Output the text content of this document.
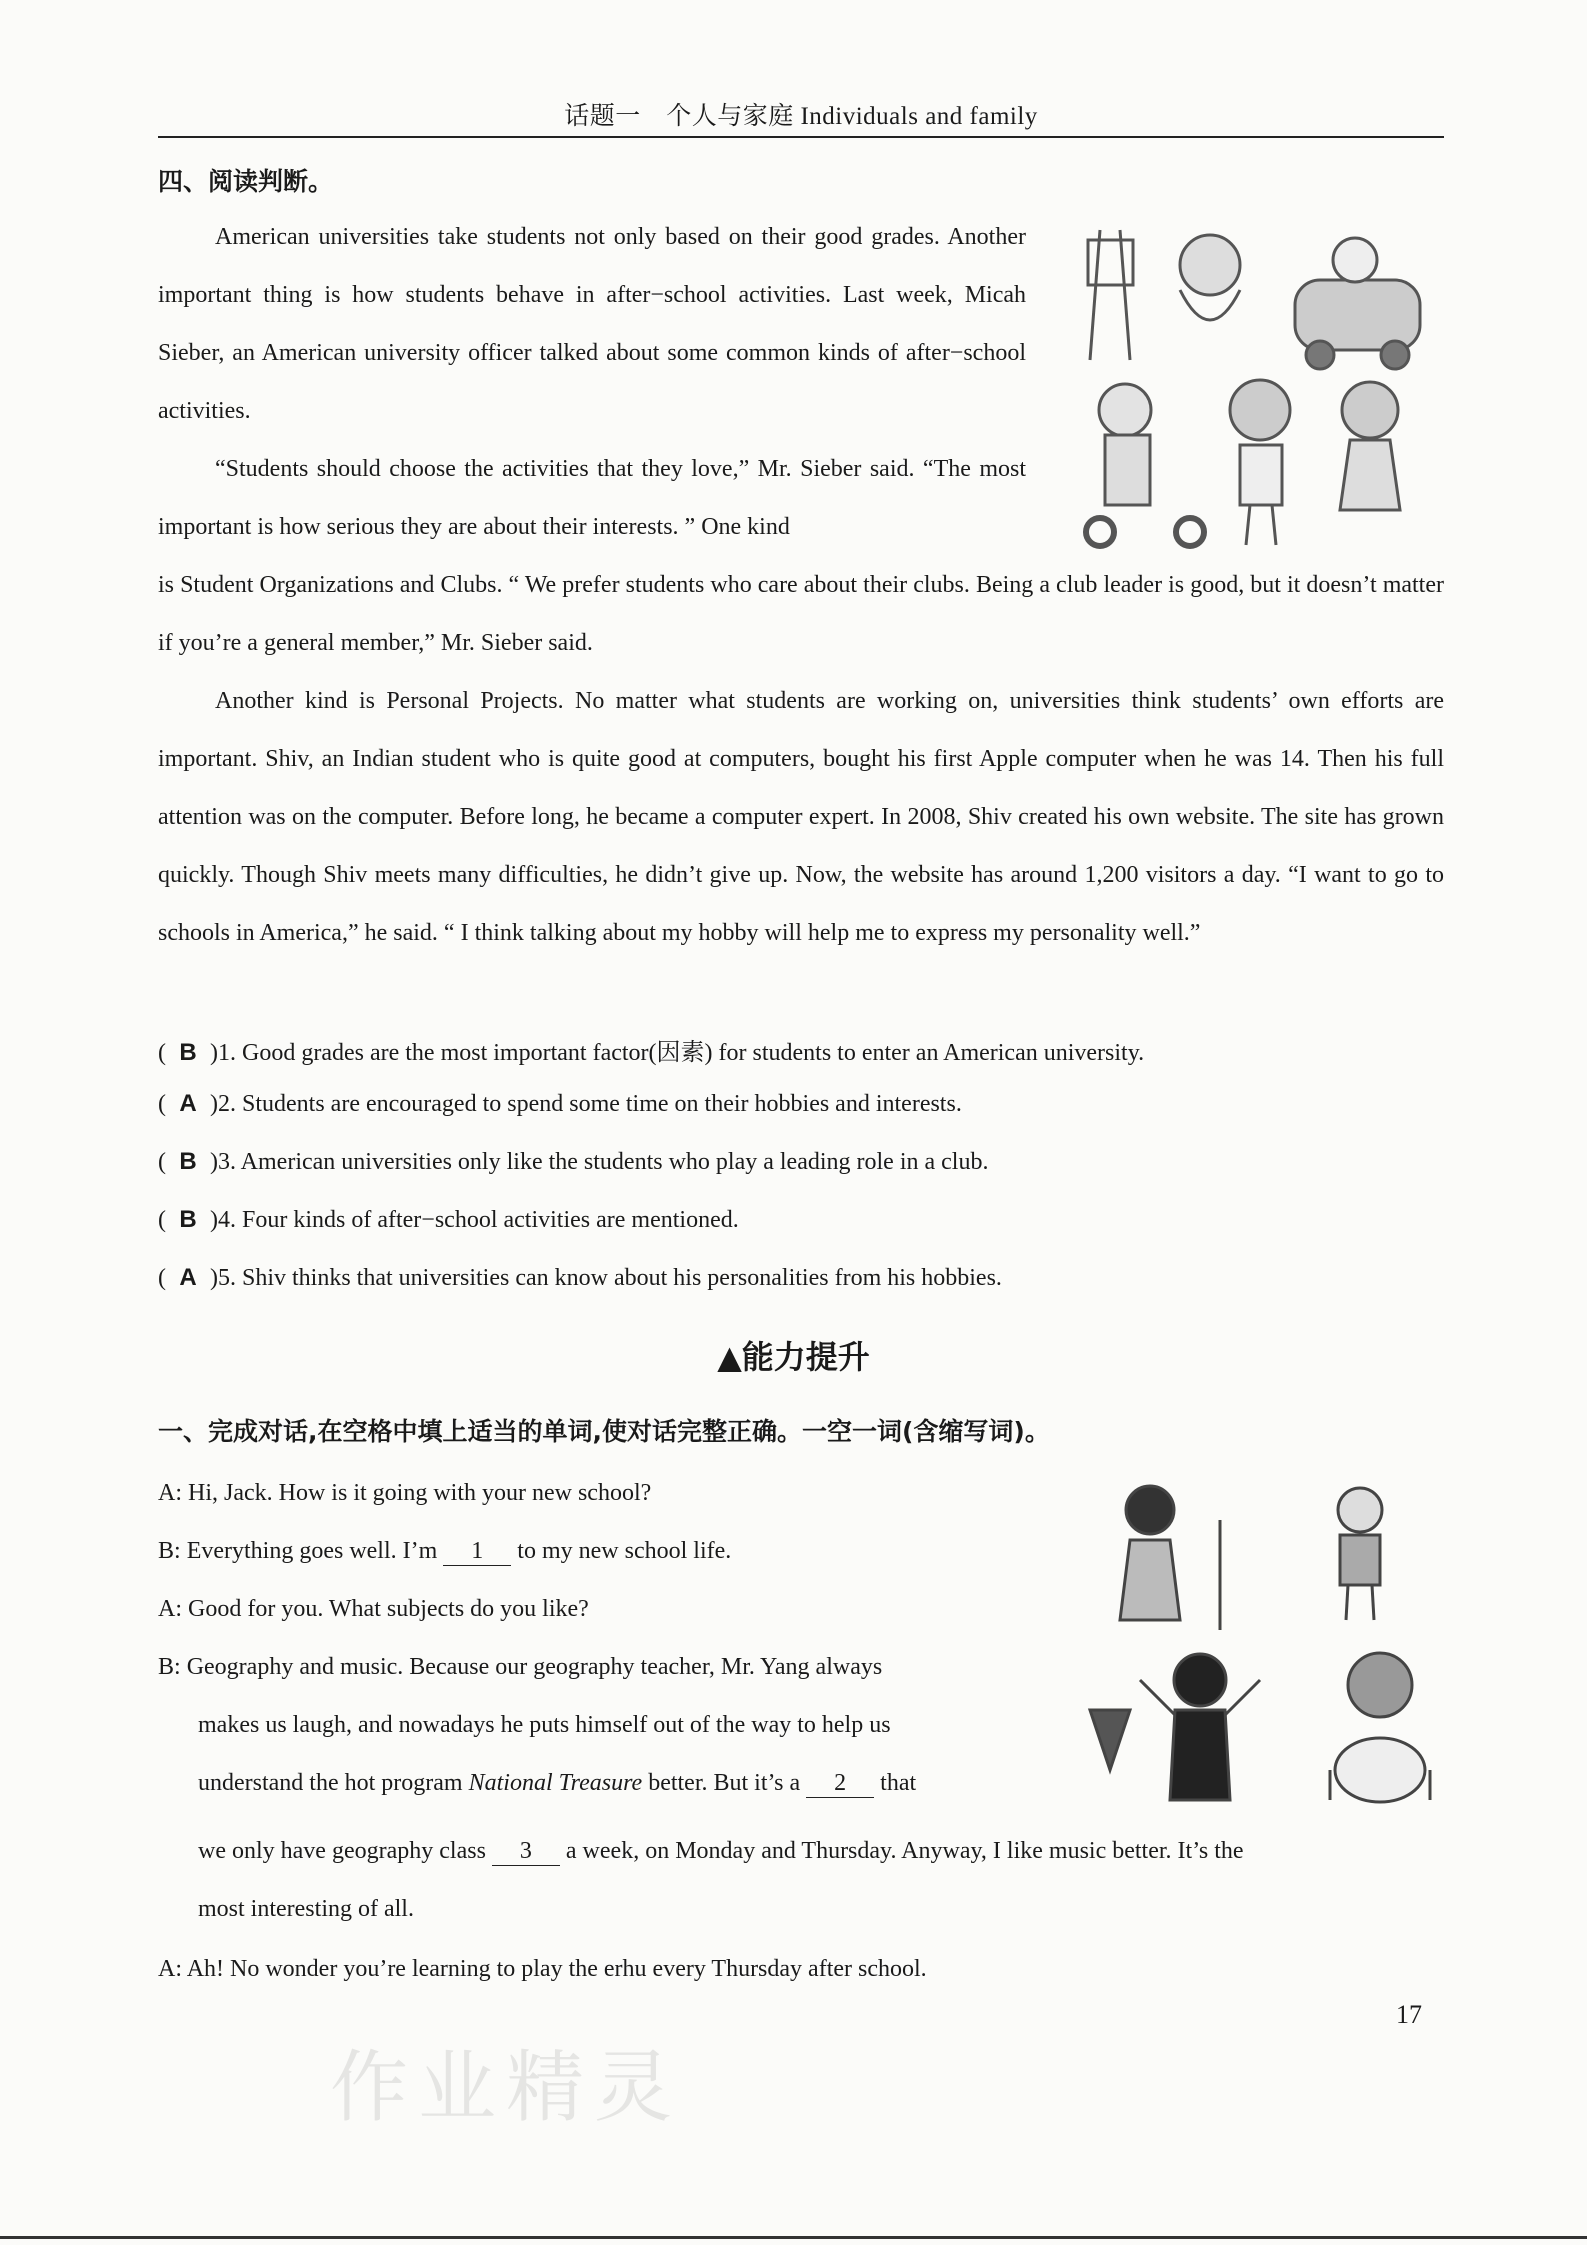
话题一　个人与家庭 Individuals and family
四、阅读判断。

American universities take students not only based on their good grades. Another important thing is how students behave in after−school activities. Last week, Micah Sieber, an American university officer talked about some common kinds of after−school activities.

“Students should choose the activities that they love,” Mr. Sieber said. “The most important is how serious they are about their interests. ” One kind

is Student Organizations and Clubs. “ We prefer students who care about their clubs. Being a club leader is good, but it doesn’t matter if you’re a general member,” Mr. Sieber said.

Another kind is Personal Projects. No matter what students are working on, universities think students’ own efforts are important. Shiv, an Indian student who is quite good at computers, bought his first Apple computer when he was 14. Then his full attention was on the computer. Before long, he became a computer expert. In 2008, Shiv created his own website. The site has grown quickly. Though Shiv meets many difficulties, he didn’t give up. Now, the website has around 1,200 visitors a day. “I want to go to schools in America,” he said. “ I think talking about my hobby will help me to express my personality well.”

( B )1. Good grades are the most important factor(因素) for students to enter an American university.
( A )2. Students are encouraged to spend some time on their hobbies and interests.
( B )3. American universities only like the students who play a leading role in a club.
( B )4. Four kinds of after−school activities are mentioned.
( A )5. Shiv thinks that universities can know about his personalities from his hobbies.
▲能力提升
一、完成对话,在空格中填上适当的单词,使对话完整正确。一空一词(含缩写词)。
A: Hi, Jack. How is it going with your new school?
B: Everything goes well. I’m 1 to my new school life.
A: Good for you. What subjects do you like?
B: Geography and music. Because our geography teacher, Mr. Yang always
makes us laugh, and nowadays he puts himself out of the way to help us
understand the hot program National Treasure better. But it’s a 2 that
we only have geography class 3 a week, on Monday and Thursday. Anyway, I like music better. It’s the
most interesting of all.
A: Ah! No wonder you’re learning to play the erhu every Thursday after school.
17
作业精灵
